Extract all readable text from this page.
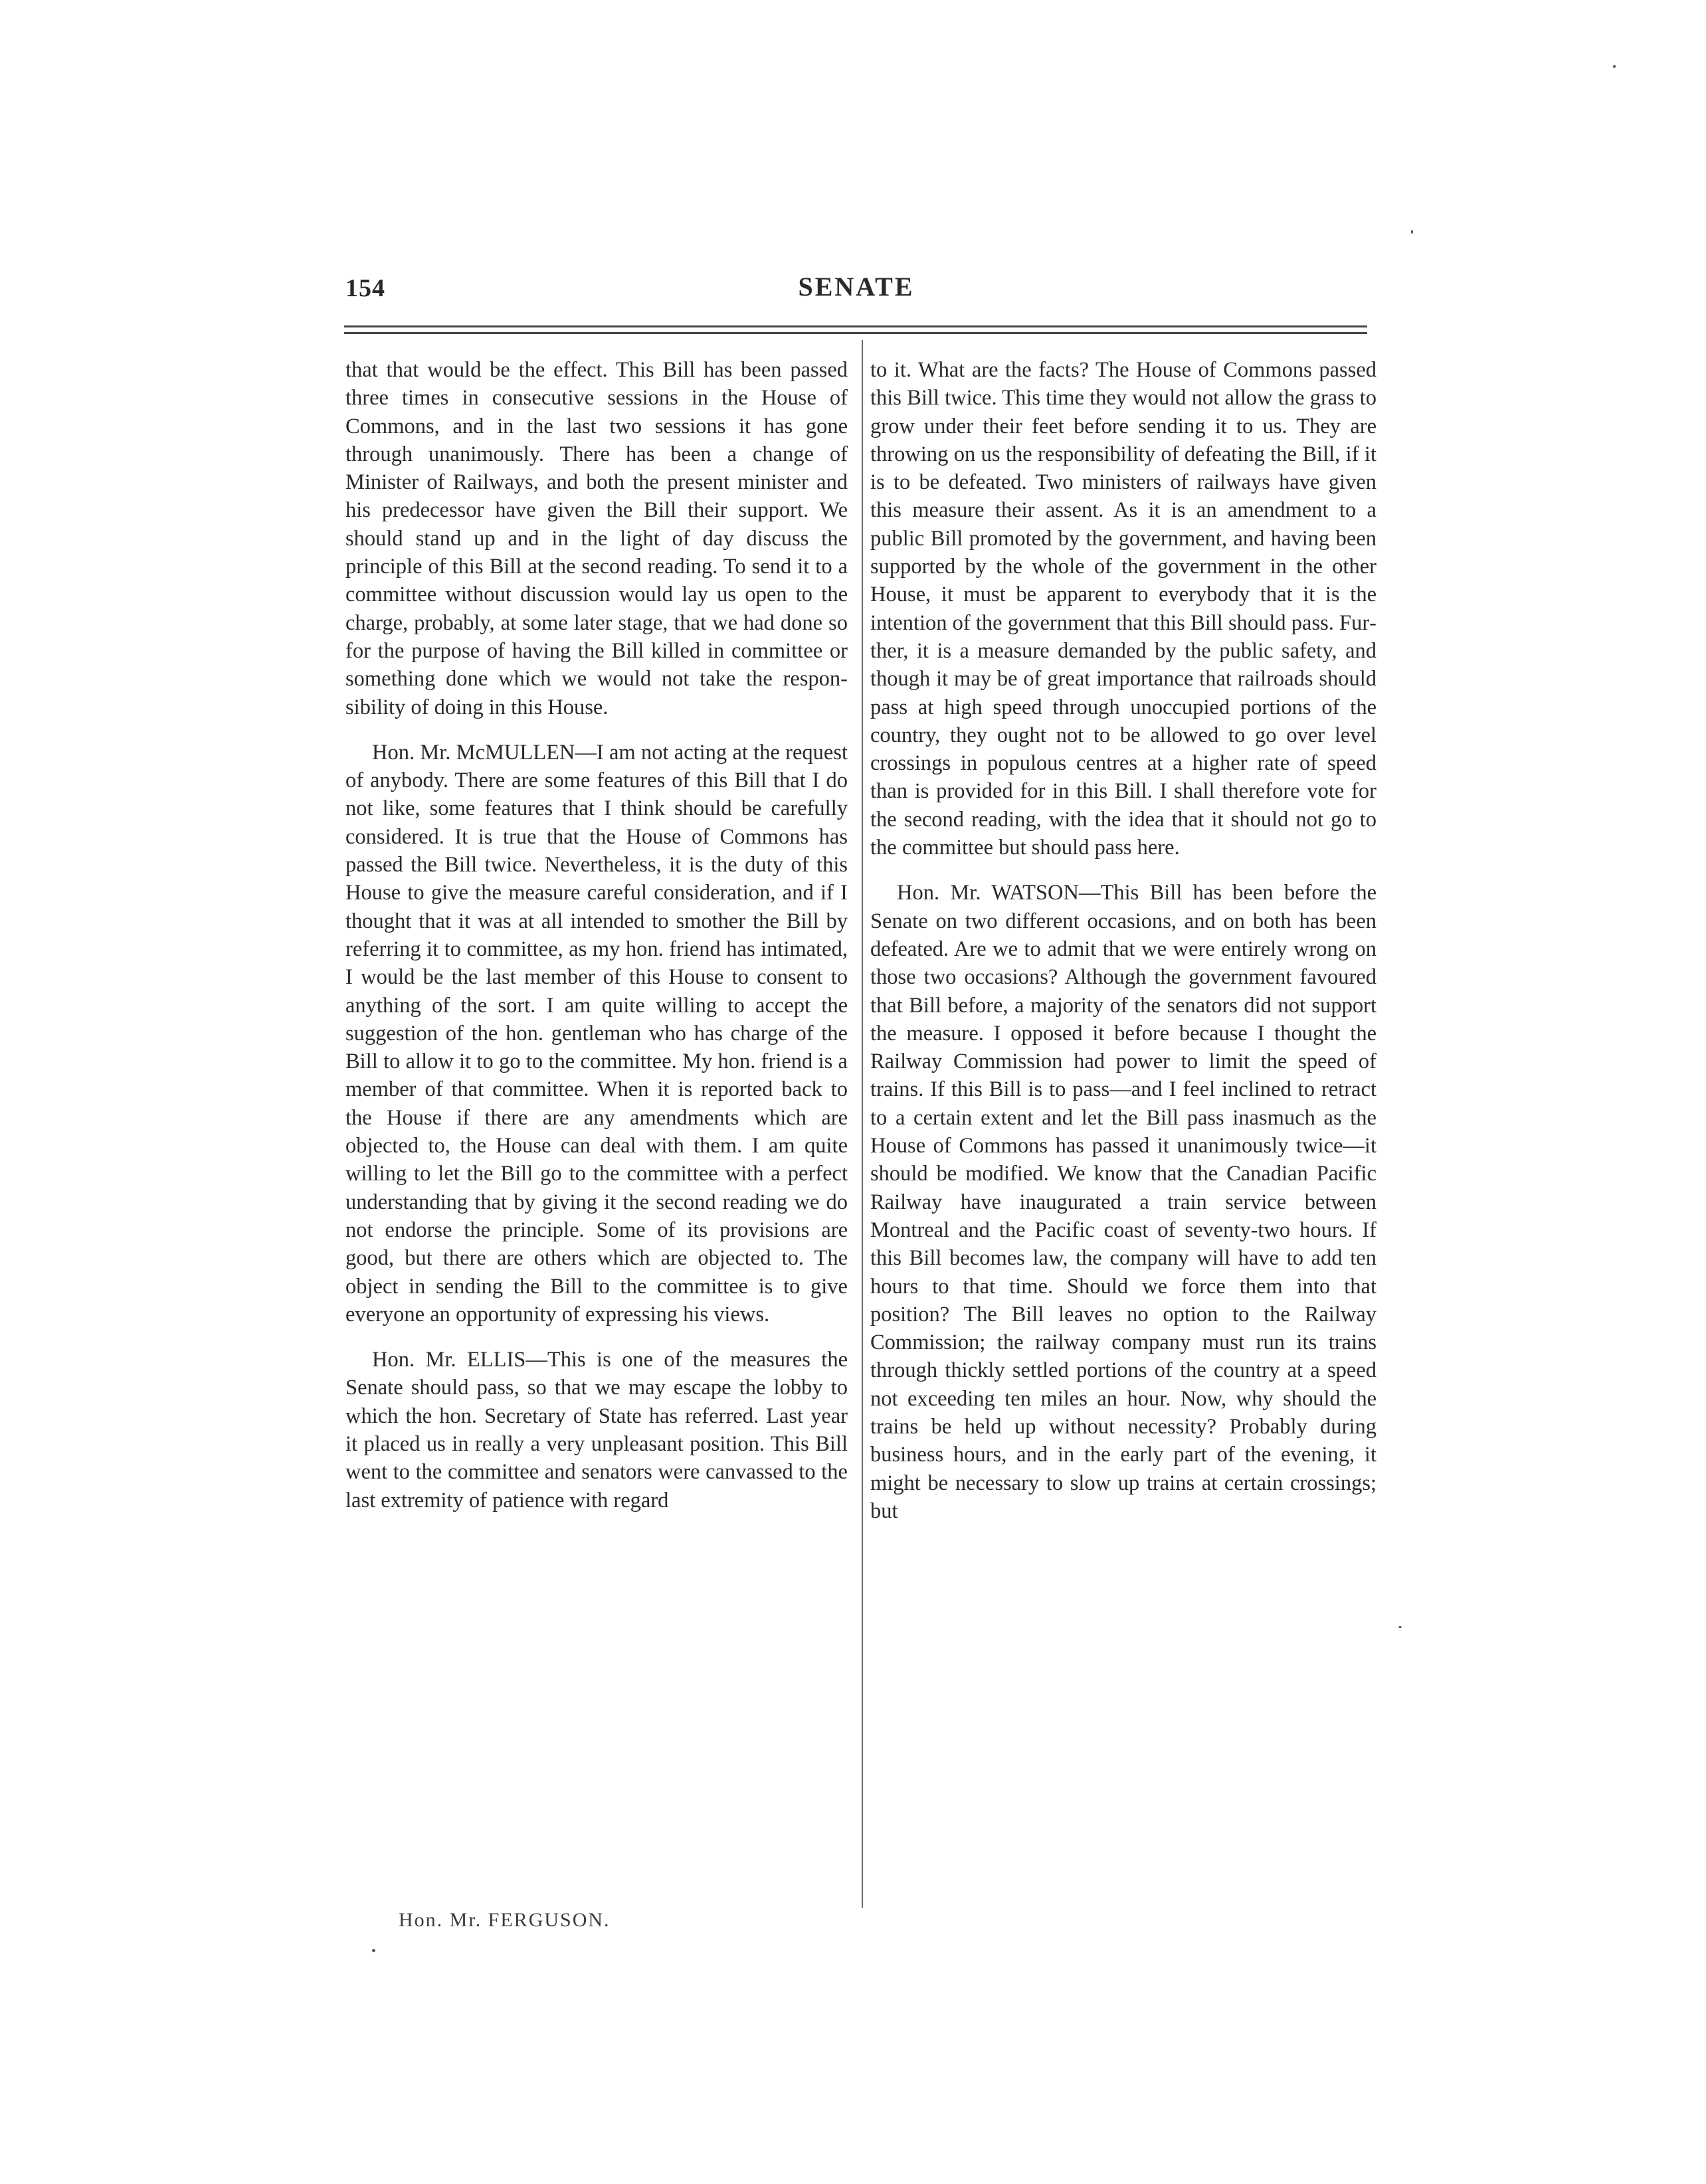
154	SENATE

that that would be the effect. This Bill has been passed three times in consecutive sessions in the House of Commons, and in the last two sessions it has gone through unanimously. There has been a change of Minister of Railways, and both the present minister and his predecessor have given the Bill their support. We should stand up and in the light of day discuss the principle of this Bill at the second reading. To send it to a committee without discussion would lay us open to the charge, probably, at some later stage, that we had done so for the purpose of having the Bill killed in committee or something done which we would not take the responsibility of doing in this House.

Hon. Mr. McMULLEN—I am not acting at the request of anybody. There are some features of this Bill that I do not like, some features that I think should be carefully considered. It is true that the House of Commons has passed the Bill twice. Nevertheless, it is the duty of this House to give the measure careful consideration, and if I thought that it was at all intended to smother the Bill by referring it to committee, as my hon. friend has intimated, I would be the last member of this House to consent to anything of the sort. I am quite willing to accept the suggestion of the hon. gentleman who has charge of the Bill to allow it to go to the committee. My hon. friend is a member of that committee. When it is reported back to the House if there are any amendments which are objected to, the House can deal with them. I am quite willing to let the Bill go to the committee with a perfect understanding that by giving it the second reading we do not endorse the principle. Some of its provisions are good, but there are others which are objected to. The object in sending the Bill to the committee is to give everyone an opportunity of expressing his views.

Hon. Mr. ELLIS—This is one of the measures the Senate should pass, so that we may escape the lobby to which the hon. Secretary of State has referred. Last year it placed us in really a very unpleasant position. This Bill went to the committee and senators were canvassed to the last extremity of patience with regard

to it. What are the facts? The House of Commons passed this Bill twice. This time they would not allow the grass to grow under their feet before sending it to us. They are throwing on us the responsibility of defeating the Bill, if it is to be defeated. Two ministers of railways have given this measure their assent. As it is an amendment to a public Bill promoted by the government, and having been supported by the whole of the government in the other House, it must be apparent to everybody that it is the intention of the government that this Bill should pass. Further, it is a measure demanded by the public safety, and though it may be of great importance that railroads should pass at high speed through unoccupied portions of the country, they ought not to be allowed to go over level crossings in populous centres at a higher rate of speed than is provided for in this Bill. I shall therefore vote for the second reading, with the idea that it should not go to the committee but should pass here.

Hon. Mr. WATSON—This Bill has been before the Senate on two different occasions, and on both has been defeated. Are we to admit that we were entirely wrong on those two occasions? Although the government favoured that Bill before, a majority of the senators did not support the measure. I opposed it before because I thought the Railway Commission had power to limit the speed of trains. If this Bill is to pass—and I feel inclined to retract to a certain extent and let the Bill pass inasmuch as the House of Commons has passed it unanimously twice—it should be modified. We know that the Canadian Pacific Railway have inaugurated a train service between Montreal and the Pacific coast of seventy-two hours. If this Bill becomes law, the company will have to add ten hours to that time. Should we force them into that position? The Bill leaves no option to the Railway Commission; the railway company must run its trains through thickly settled portions of the country at a speed not exceeding ten miles an hour. Now, why should the trains be held up without necessity? Probably during business hours, and in the early part of the evening, it might be necessary to slow up trains at certain crossings; but

Hon. Mr. FERGUSON.
